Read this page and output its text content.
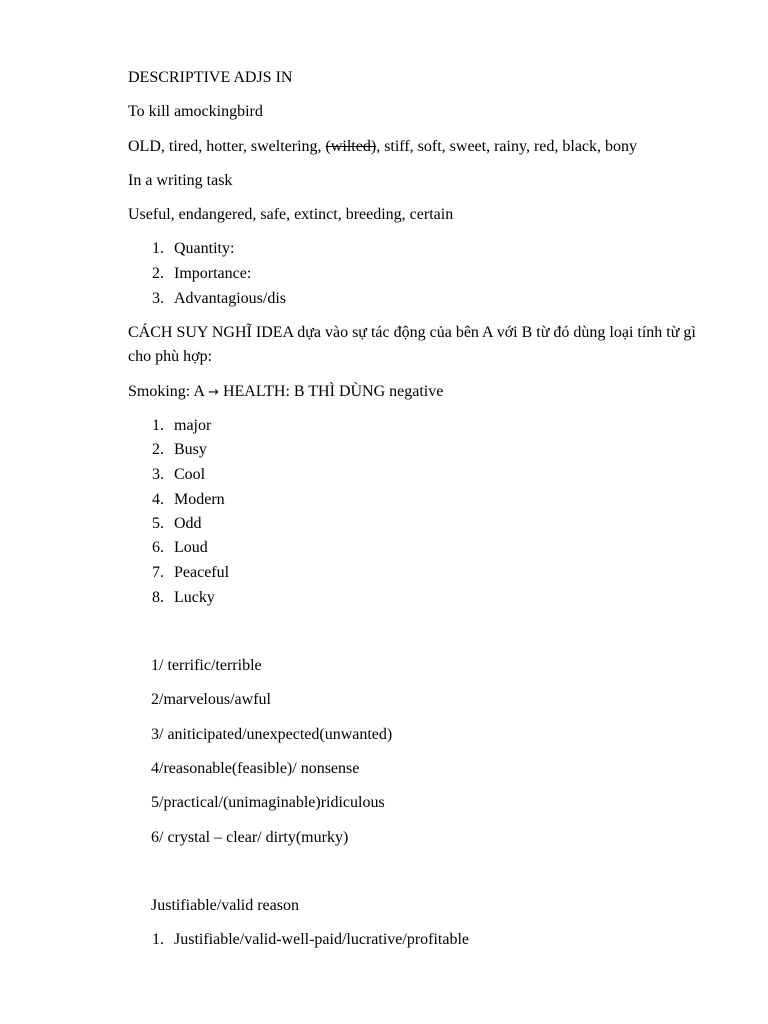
DESCRIPTIVE ADJS IN
To kill amockingbird
OLD, tired, hotter, sweltering, (wilted), stiff, soft, sweet, rainy, red, black, bony
In a writing task
Useful, endangered, safe, extinct, breeding, certain
1. Quantity:
2. Importance:
3. Advantagious/dis
CÁCH SUY NGHĨ IDEA dựa vào sự tác động của bên A với B từ đó dùng loại tính từ gì cho phù hợp:
Smoking: A → HEALTH: B THÌ DÙNG negative
1. major
2. Busy
3. Cool
4. Modern
5. Odd
6. Loud
7. Peaceful
8. Lucky
1/ terrific/terrible
2/marvelous/awful
3/ aniticipated/unexpected(unwanted)
4/reasonable(feasible)/ nonsense
5/practical/(unimaginable)ridiculous
6/ crystal – clear/ dirty(murky)
Justifiable/valid reason
1. Justifiable/valid-well-paid/lucrative/profitable
